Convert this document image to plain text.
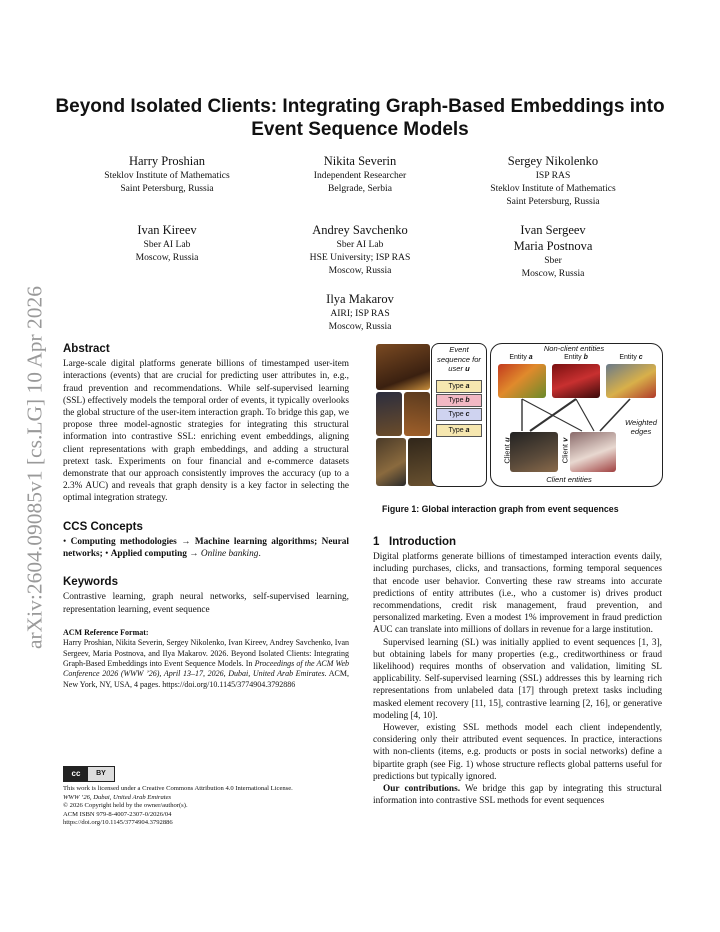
arXiv:2604.09085v1 [cs.LG] 10 Apr 2026
Beyond Isolated Clients: Integrating Graph-Based Embeddings into Event Sequence Models
Harry Proshian
Steklov Institute of Mathematics
Saint Petersburg, Russia
Nikita Severin
Independent Researcher
Belgrade, Serbia
Sergey Nikolenko
ISP RAS
Steklov Institute of Mathematics
Saint Petersburg, Russia
Ivan Kireev
Sber AI Lab
Moscow, Russia
Andrey Savchenko
Sber AI Lab
HSE University; ISP RAS
Moscow, Russia
Ivan Sergeev
Maria Postnova
Sber
Moscow, Russia
Ilya Makarov
AIRI; ISP RAS
Moscow, Russia
Abstract

Large-scale digital platforms generate billions of timestamped user-item interactions (events) that are crucial for predicting user attributes in, e.g., fraud prevention and recommendations. While self-supervised learning (SSL) effectively models the temporal order of events, it typically overlooks the global structure of the user-item interaction graph. To bridge this gap, we propose three model-agnostic strategies for integrating this structural information into contrastive SSL: enriching event embeddings, aligning client representations with graph embeddings, and adding a structural pretext task. Experiments on four financial and e-commerce datasets demonstrate that our approach consistently improves the accuracy (up to a 2.3% AUC) and reveals that graph density is a key factor in selecting the optimal integration strategy.

CCS Concepts

• Computing methodologies → Machine learning algorithms; Neural networks; • Applied computing → Online banking.

Keywords

Contrastive learning, graph neural networks, self-supervised learning, representation learning, event sequence

ACM Reference Format:

Harry Proshian, Nikita Severin, Sergey Nikolenko, Ivan Kireev, Andrey Savchenko, Ivan Sergeev, Maria Postnova, and Ilya Makarov. 2026. Beyond Isolated Clients: Integrating Graph-Based Embeddings into Event Sequence Models. In Proceedings of the ACM Web Conference 2026 (WWW ’26), April 13–17, 2026, Dubai, United Arab Emirates. ACM, New York, NY, USA, 4 pages. https://doi.org/10.1145/3774904.3792886

cc	BY
This work is licensed under a Creative Commons Attribution 4.0 International License.
WWW ’26, Dubai, United Arab Emirates
© 2026 Copyright held by the owner/author(s).
ACM ISBN 979-8-4007-2307-0/2026/04
https://doi.org/10.1145/3774904.3792886
Event sequence for user u
Type a
Type b
Type c
Type a
Non-client entities
Entity a	Entity b	Entity c
Weighted edges
Client u
Client v
Client entities
Figure 1: Global interaction graph from event sequences
1 Introduction

Digital platforms generate billions of timestamped interaction events daily, including purchases, clicks, and transactions, forming temporal sequences that encode user behavior. Converting these raw streams into accurate predictions of entity attributes (i.e., who a customer is) drives product recommendations, credit risk management, fraud prevention, and personalized marketing. Even a modest 1% improvement in fraud prediction AUC can translate into millions of dollars in revenue for a large institution.

Supervised learning (SL) was initially applied to event sequences [1, 3], but obtaining labels for many properties (e.g., creditworthiness or fraud likelihood) requires months of observation and validation, limiting SL applicability. Self-supervised learning (SSL) addresses this by learning rich representations from unlabeled data [17] through pretext tasks including masked element recovery [11, 15], contrastive learning [2, 16], or generative modeling [4, 10].

However, existing SSL methods model each client independently, considering only their attributed event sequences. In practice, interactions with non-clients (items, e.g. products or posts in social networks) define a bipartite graph (see Fig. 1) whose structure reflects global patterns useful for predictions but typically ignored.

Our contributions. We bridge this gap by integrating this structural information into contrastive SSL methods for event sequences
